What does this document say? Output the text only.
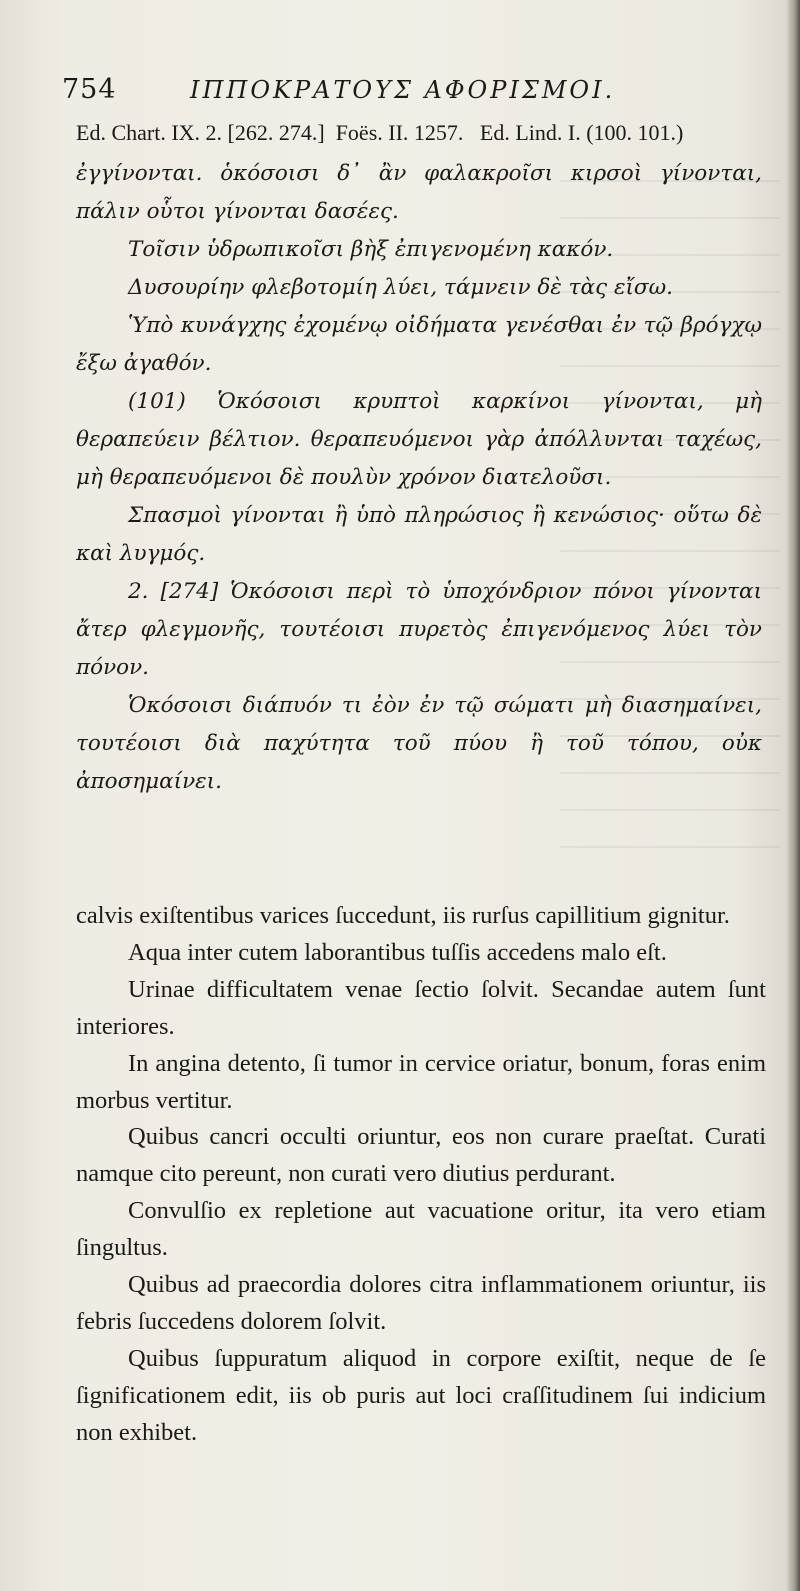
754	ΙΠΠΟΚΡΑΤΟΥΣ ΑΦΟΡΙΣΜΟΙ.
Ed. Chart. IX. 2. [262. 274.] Foës. II. 1257. Ed. Lind. I. (100. 101.)

ἐγγίνονται. ὁκόσοισι δ᾽ ἂν φαλακροῖσι κιρσοὶ γίνονται, πάλιν οὗτοι γίνονται δασέες.

Τοῖσιν ὑδρωπικοῖσι βὴξ ἐπιγενομένη κακόν.

Δυσουρίην φλεβοτομίη λύει, τάμνειν δὲ τὰς εἴσω.

Ὑπὸ κυνάγχης ἐχομένῳ οἰδήματα γενέσθαι ἐν τῷ βρόγχῳ ἔξω ἀγαθόν.

(101) Ὁκόσοισι κρυπτοὶ καρκίνοι γίνονται, μὴ θεραπεύειν βέλτιον. θεραπευόμενοι γὰρ ἀπόλλυνται ταχέως, μὴ θεραπευόμενοι δὲ πουλὺν χρόνον διατελοῦσι.

Σπασμοὶ γίνονται ἢ ὑπὸ πληρώσιος ἢ κενώσιος· οὕτω δὲ καὶ λυγμός.

2. [274] Ὁκόσοισι περὶ τὸ ὑποχόνδριον πόνοι γίνονται ἄτερ φλεγμονῆς, τουτέοισι πυρετὸς ἐπιγενόμενος λύει τὸν πόνον.

Ὁκόσοισι διάπυόν τι ἐὸν ἐν τῷ σώματι μὴ διασημαίνει, τουτέοισι διὰ παχύτητα τοῦ πύου ἢ τοῦ τόπου, οὐκ ἀποσημαίνει.

calvis exiſtentibus varices ſuccedunt, iis rurſus capillitium gignitur.

Aqua inter cutem laborantibus tuſſis accedens malo eſt.

Urinae difficultatem venae ſectio ſolvit. Secandae autem ſunt interiores.

In angina detento, ſi tumor in cervice oriatur, bonum, foras enim morbus vertitur.

Quibus cancri occulti oriuntur, eos non curare praeſtat. Curati namque cito pereunt, non curati vero diutius perdurant.

Convulſio ex repletione aut vacuatione oritur, ita vero etiam ſingultus.

Quibus ad praecordia dolores citra inflammationem oriuntur, iis febris ſuccedens dolorem ſolvit.

Quibus ſuppuratum aliquod in corpore exiſtit, neque de ſe ſignificationem edit, iis ob puris aut loci craſſitudinem ſui indicium non exhibet.
